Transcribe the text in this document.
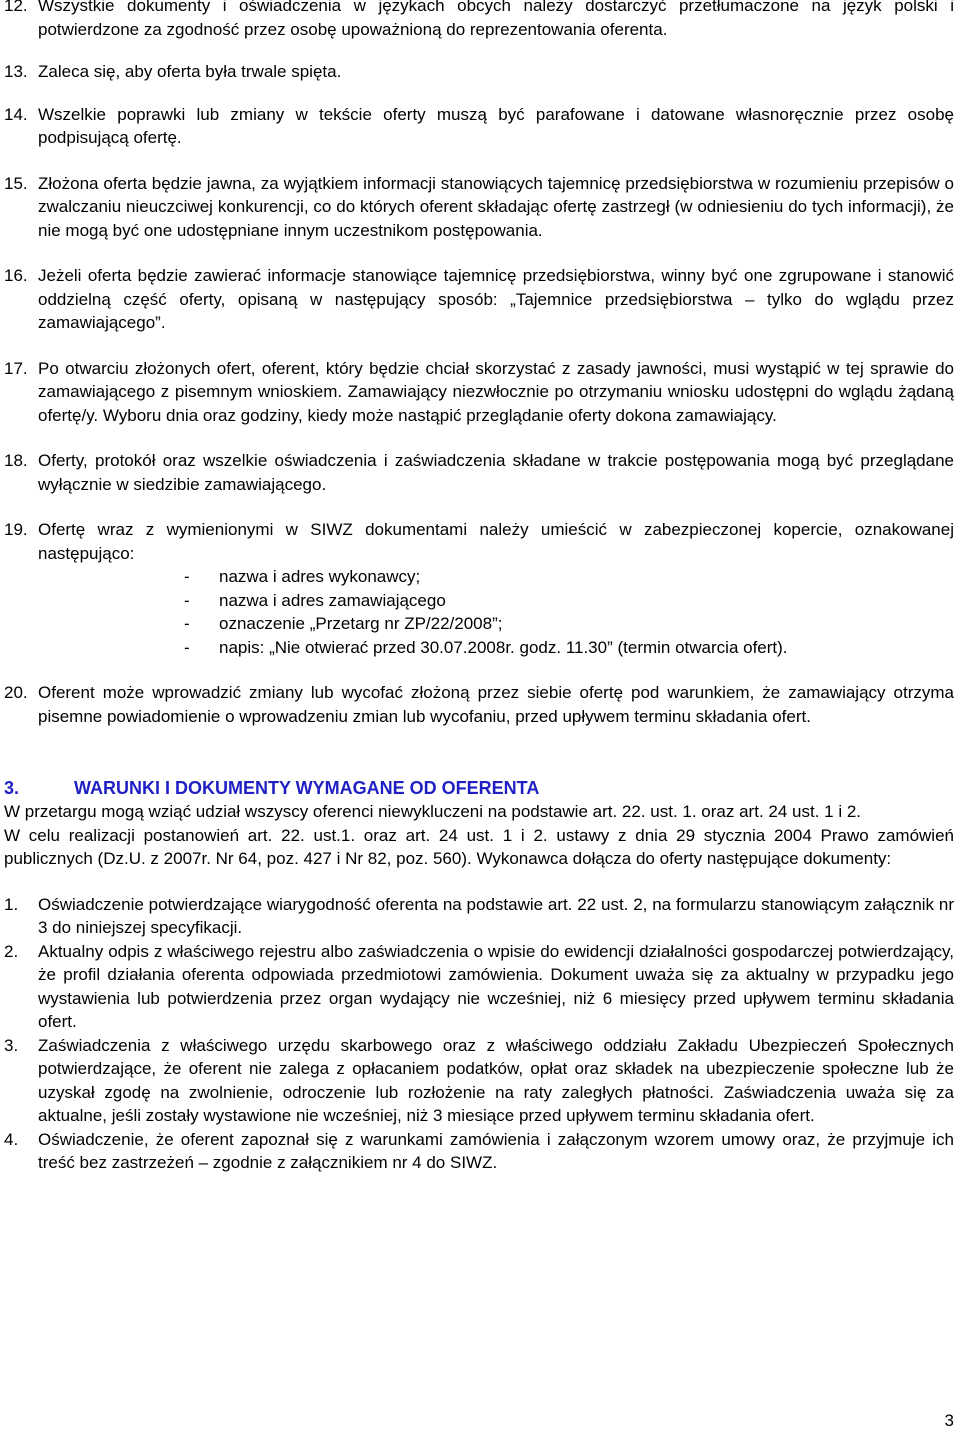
12. Wszystkie dokumenty i oświadczenia w językach obcych należy dostarczyć przetłumaczone na język polski i potwierdzone za zgodność przez osobę upoważnioną do reprezentowania oferenta.
13. Zaleca się, aby oferta była trwale spięta.
14. Wszelkie poprawki lub zmiany w tekście oferty muszą być parafowane i datowane własnoręcznie przez osobę podpisującą ofertę.
15. Złożona oferta będzie jawna, za wyjątkiem informacji stanowiących tajemnicę przedsiębiorstwa w rozumieniu przepisów o zwalczaniu nieuczciwej konkurencji, co do których oferent składając ofertę zastrzegł (w odniesieniu do tych informacji), że nie mogą być one udostępniane innym uczestnikom postępowania.
16. Jeżeli oferta będzie zawierać informacje stanowiące tajemnicę przedsiębiorstwa, winny być one zgrupowane i stanowić oddzielną część oferty, opisaną w następujący sposób: „Tajemnice przedsiębiorstwa – tylko do wglądu przez zamawiającego”.
17. Po otwarciu złożonych ofert, oferent, który będzie chciał skorzystać z zasady jawności, musi wystąpić w tej sprawie do zamawiającego z pisemnym wnioskiem. Zamawiający niezwłocznie po otrzymaniu wniosku udostępni do wglądu żądaną ofertę/y. Wyboru dnia oraz godziny, kiedy może nastąpić przeglądanie oferty dokona zamawiający.
18. Oferty, protokół oraz wszelkie oświadczenia i zaświadczenia składane w trakcie postępowania mogą być przeglądane wyłącznie w siedzibie zamawiającego.
19. Ofertę wraz z wymienionymi w SIWZ dokumentami należy umieścić w zabezpieczonej kopercie, oznakowanej następująco:
- nazwa i adres wykonawcy;
- nazwa i adres zamawiającego
- oznaczenie „Przetarg nr ZP/22/2008”;
- napis: „Nie otwierać przed 30.07.2008r. godz. 11.30” (termin otwarcia ofert).
20. Oferent może wprowadzić zmiany lub wycofać złożoną przez siebie ofertę pod warunkiem, że zamawiający otrzyma pisemne powiadomienie o wprowadzeniu zmian lub wycofaniu, przed upływem terminu składania ofert.
3.	WARUNKI I DOKUMENTY WYMAGANE OD OFERENTA

W przetargu mogą wziąć udział wszyscy oferenci niewykluczeni na podstawie art. 22. ust. 1. oraz art. 24 ust. 1 i 2.

W celu realizacji postanowień art. 22. ust.1. oraz art. 24 ust. 1 i 2. ustawy z dnia 29 stycznia 2004 Prawo zamówień publicznych (Dz.U. z 2007r. Nr 64, poz. 427 i Nr 82, poz. 560). Wykonawca dołącza do oferty następujące dokumenty:

1. Oświadczenie potwierdzające wiarygodność oferenta na podstawie art. 22 ust. 2, na formularzu stanowiącym załącznik nr 3 do niniejszej specyfikacji.
2. Aktualny odpis z właściwego rejestru albo zaświadczenia o wpisie do ewidencji działalności gospodarczej potwierdzający, że profil działania oferenta odpowiada przedmiotowi zamówienia. Dokument uważa się za aktualny w przypadku jego wystawienia lub potwierdzenia przez organ wydający nie wcześniej, niż 6 miesięcy przed upływem terminu składania ofert.
3. Zaświadczenia z właściwego urzędu skarbowego oraz z właściwego oddziału Zakładu Ubezpieczeń Społecznych potwierdzające, że oferent nie zalega z opłacaniem podatków, opłat oraz składek na ubezpieczenie społeczne lub że uzyskał zgodę na zwolnienie, odroczenie lub rozłożenie na raty zaległych płatności. Zaświadczenia uważa się za aktualne, jeśli zostały wystawione nie wcześniej, niż 3 miesiące przed upływem terminu składania ofert.
4. Oświadczenie, że oferent zapoznał się z warunkami zamówienia i załączonym wzorem umowy oraz, że przyjmuje ich treść bez zastrzeżeń – zgodnie z załącznikiem nr 4 do SIWZ.
3
